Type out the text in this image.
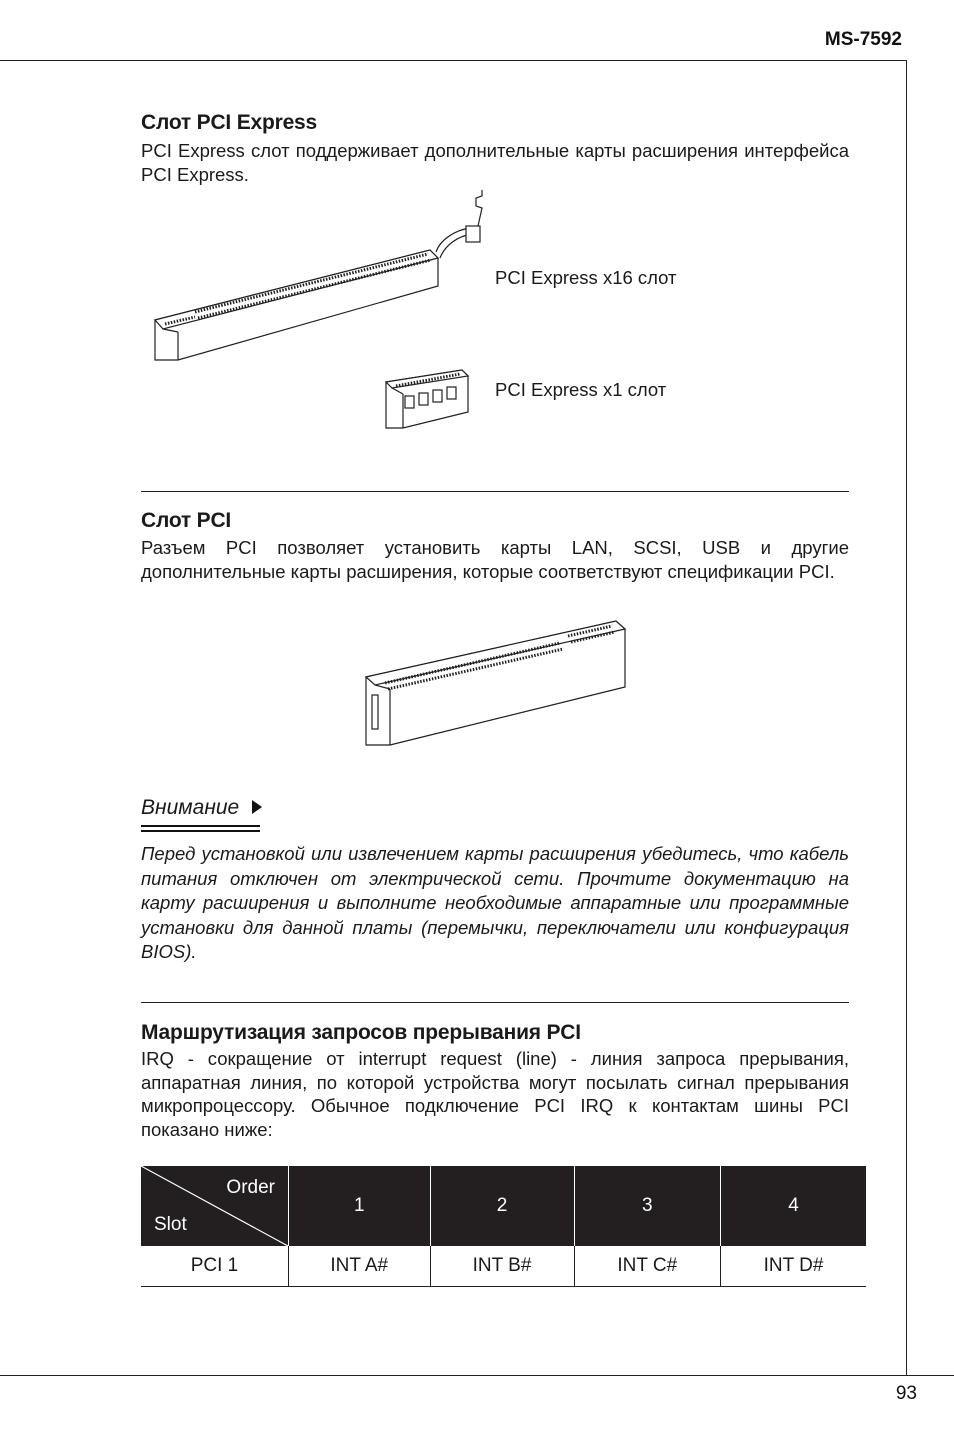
MS-7592
Слот PCI Express
PCI Express слот поддерживает дополнительные карты расширения интерфейса PCI Express.
PCI Express x16 слот
PCI Express x1 слот
Слот PCI
Разъем PCI позволяет установить карты LAN, SCSI, USB и другие дополнительные карты расширения, которые соответствуют спецификации PCI.
Внимание
Перед установкой или извлечением карты расширения убедитесь, что кабель питания отключен от электрической сети. Прочтите документацию на карту расширения и выполните необходимые аппаратные или программные установки для данной платы (перемычки, переключатели или конфигурация BIOS).
Маршрутизация запросов прерывания PCI
IRQ - сокращение от interrupt request (line) - линия запроса прерывания, аппаратная линия, по которой устройства могут посылать сигнал прерывания микропроцессору. Обычное подключение PCI IRQ к контактам шины PCI показано ниже:
Order
Slot	1	2	3	4
PCI 1	INT A#	INT B#	INT C#	INT D#
93
